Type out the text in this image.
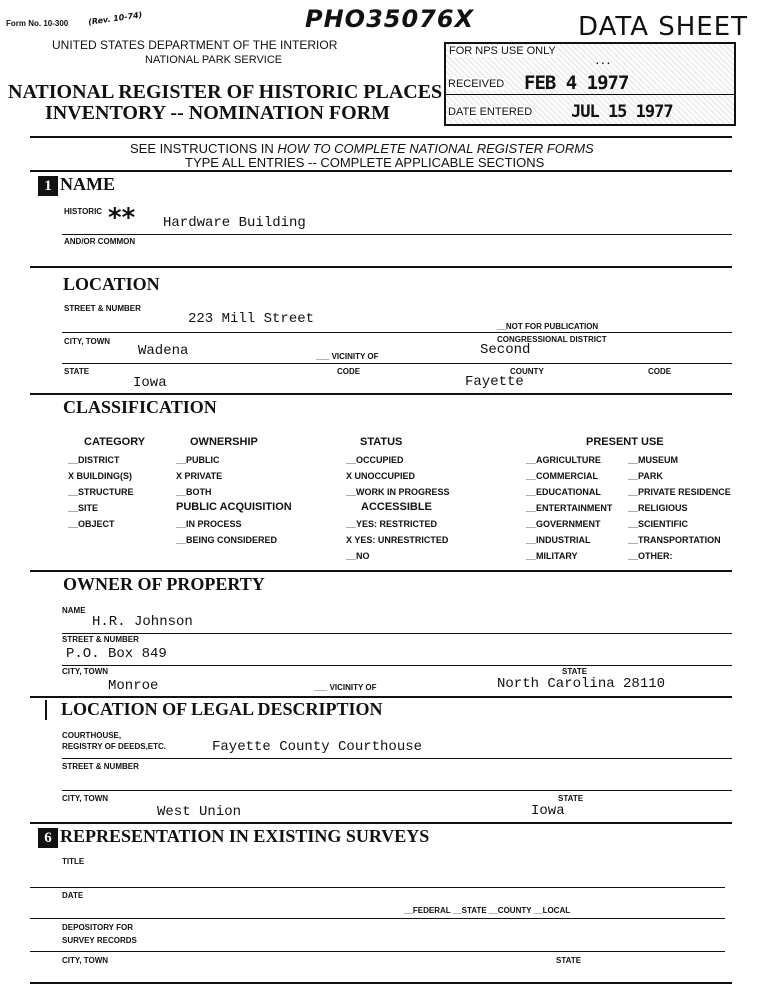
Form No. 10-300 (Rev. 10-74)	PHO35076X	DATA SHEET
UNITED STATES DEPARTMENT OF THE INTERIOR
NATIONAL PARK SERVICE
NATIONAL REGISTER OF HISTORIC PLACES
INVENTORY -- NOMINATION FORM
FOR NPS USE ONLY
. . .
RECEIVED FEB 4 1977
DATE ENTERED JUL 15 1977
SEE INSTRUCTIONS IN HOW TO COMPLETE NATIONAL REGISTER FORMS
TYPE ALL ENTRIES -- COMPLETE APPLICABLE SECTIONS
1 NAME
HISTORIC ** Hardware Building
AND/OR COMMON
LOCATION
STREET & NUMBER
223 Mill Street	__NOT FOR PUBLICATION
CITY, TOWN
Wadena	___ VICINITY OF
CONGRESSIONAL DISTRICT
Second
STATE
Iowa
CODE	COUNTY
Fayette
CODE
CLASSIFICATION
CATEGORY
__DISTRICT
X BUILDING(S)
__STRUCTURE
__SITE
__OBJECT
OWNERSHIP
__PUBLIC
X PRIVATE
__BOTH
PUBLIC ACQUISITION
__IN PROCESS
__BEING CONSIDERED
STATUS
__OCCUPIED
X UNOCCUPIED
__WORK IN PROGRESS
ACCESSIBLE
__YES: RESTRICTED
X YES: UNRESTRICTED
__NO
PRESENT USE
__AGRICULTURE
__COMMERCIAL
__EDUCATIONAL
__ENTERTAINMENT
__GOVERNMENT
__INDUSTRIAL
__MILITARY
__MUSEUM
__PARK
__PRIVATE RESIDENCE
__RELIGIOUS
__SCIENTIFIC
__TRANSPORTATION
__OTHER:
OWNER OF PROPERTY
NAME
H.R. Johnson
STREET & NUMBER
P.O. Box 849
CITY, TOWN
Monroe	___ VICINITY OF
STATE
North Carolina 28110
LOCATION OF LEGAL DESCRIPTION
COURTHOUSE,
REGISTRY OF DEEDS,ETC.	Fayette County Courthouse
STREET & NUMBER
CITY, TOWN
West Union
STATE
Iowa
6 REPRESENTATION IN EXISTING SURVEYS
TITLE
DATE
__FEDERAL __STATE __COUNTY __LOCAL
DEPOSITORY FOR
SURVEY RECORDS
CITY, TOWN	STATE
